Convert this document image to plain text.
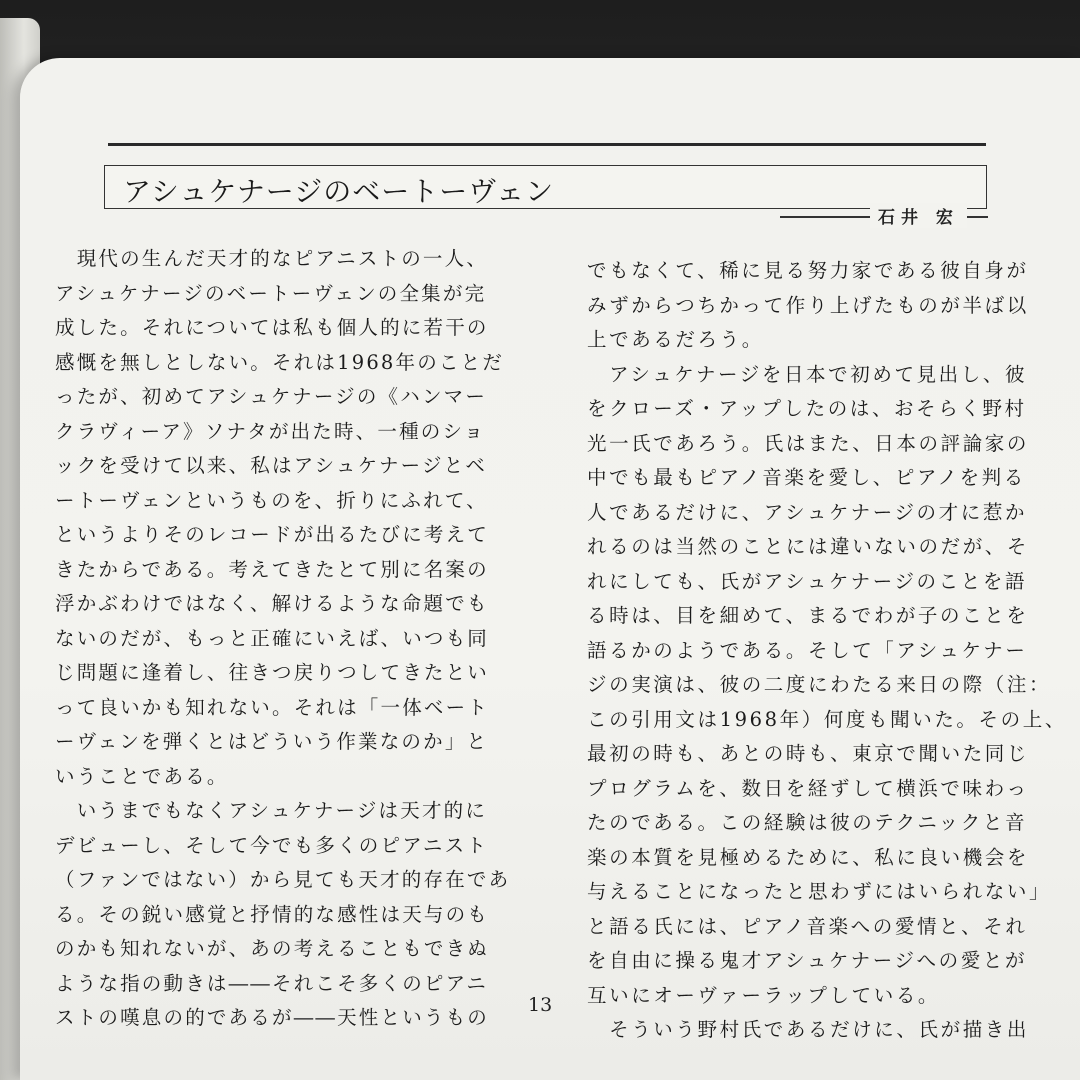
アシュケナージのベートーヴェン
石井 宏
　現代の生んだ天才的なピアニストの一人、
アシュケナージのベートーヴェンの全集が完
成した。それについては私も個人的に若干の
感慨を無しとしない。それは1968年のことだ
ったが、初めてアシュケナージの《ハンマー
クラヴィーア》ソナタが出た時、一種のショ
ックを受けて以来、私はアシュケナージとベ
ートーヴェンというものを、折りにふれて、
というよりそのレコードが出るたびに考えて
きたからである。考えてきたとて別に名案の
浮かぶわけではなく、解けるような命題でも
ないのだが、もっと正確にいえば、いつも同
じ問題に逢着し、往きつ戻りつしてきたとい
って良いかも知れない。それは「一体ベート
ーヴェンを弾くとはどういう作業なのか」と
いうことである。
　いうまでもなくアシュケナージは天才的に
デビューし、そして今でも多くのピアニスト
（ファンではない）から見ても天才的存在であ
る。その鋭い感覚と抒情的な感性は天与のも
のかも知れないが、あの考えることもできぬ
ような指の動きは――それこそ多くのピアニ
ストの嘆息の的であるが――天性というもの
でもなくて、稀に見る努力家である彼自身が
みずからつちかって作り上げたものが半ば以
上であるだろう。
　アシュケナージを日本で初めて見出し、彼
をクローズ・アップしたのは、おそらく野村
光一氏であろう。氏はまた、日本の評論家の
中でも最もピアノ音楽を愛し、ピアノを判る
人であるだけに、アシュケナージの才に惹か
れるのは当然のことには違いないのだが、そ
れにしても、氏がアシュケナージのことを語
る時は、目を細めて、まるでわが子のことを
語るかのようである。そして「アシュケナー
ジの実演は、彼の二度にわたる来日の際（注：
この引用文は1968年）何度も聞いた。その上、
最初の時も、あとの時も、東京で聞いた同じ
プログラムを、数日を経ずして横浜で味わっ
たのである。この経験は彼のテクニックと音
楽の本質を見極めるために、私に良い機会を
与えることになったと思わずにはいられない」
と語る氏には、ピアノ音楽への愛情と、それ
を自由に操る鬼才アシュケナージへの愛とが
互いにオーヴァーラップしている。
　そういう野村氏であるだけに、氏が描き出
13
